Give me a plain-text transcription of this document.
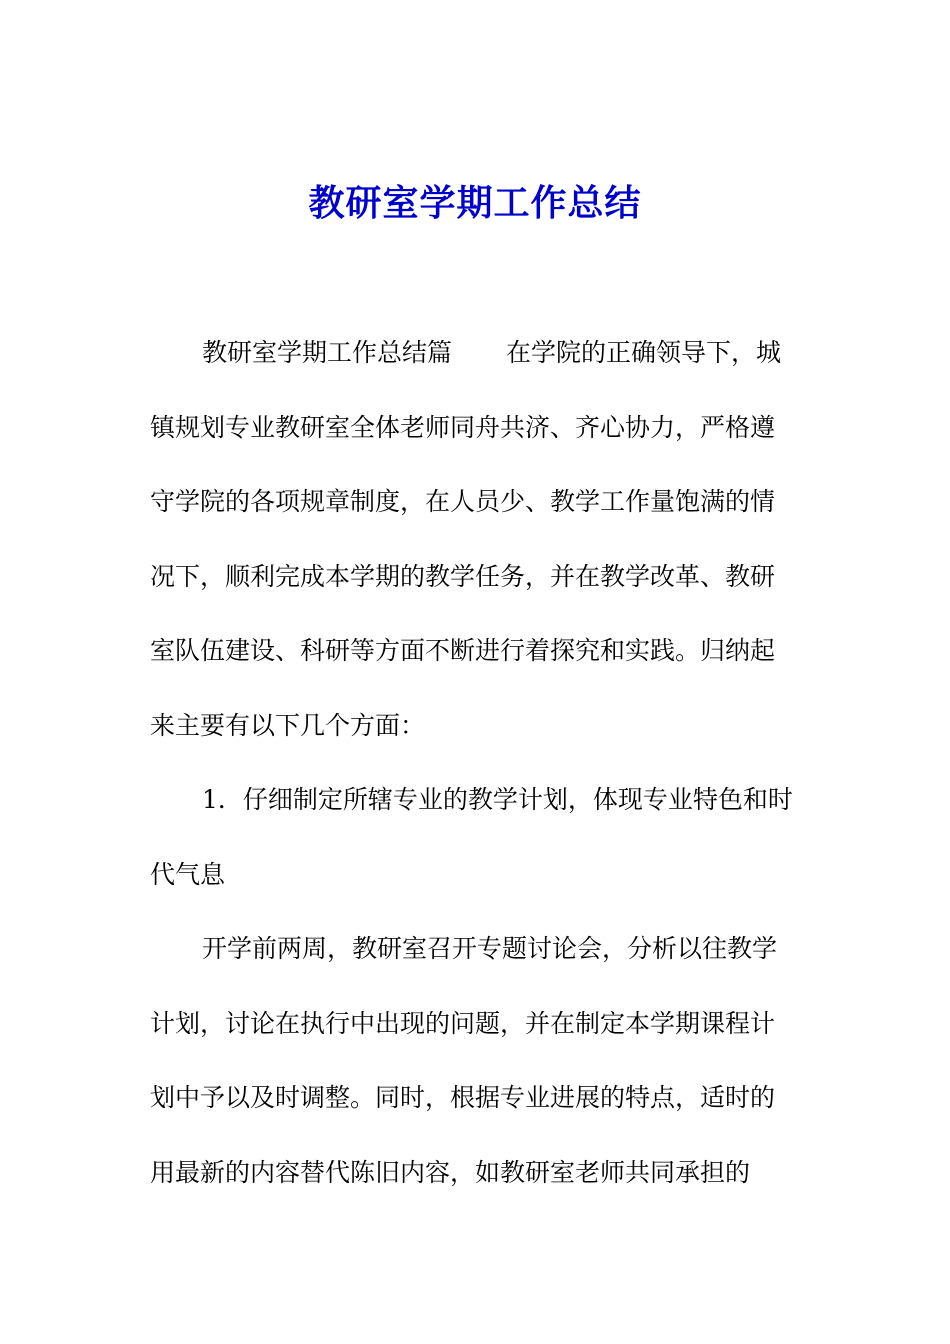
教研室学期工作总结
教研室学期工作总结篇 在学院的正确领导下，城
镇规划专业教研室全体老师同舟共济、齐心协力，严格遵
守学院的各项规章制度，在人员少、教学工作量饱满的情
况下，顺利完成本学期的教学任务，并在教学改革、教研
室队伍建设、科研等方面不断进行着探究和实践。归纳起
来主要有以下几个方面：
1．仔细制定所辖专业的教学计划，体现专业特色和时
代气息
开学前两周，教研室召开专题讨论会，分析以往教学
计划，讨论在执行中出现的问题，并在制定本学期课程计
划中予以及时调整。同时，根据专业进展的特点，适时的
用最新的内容替代陈旧内容，如教研室老师共同承担的
